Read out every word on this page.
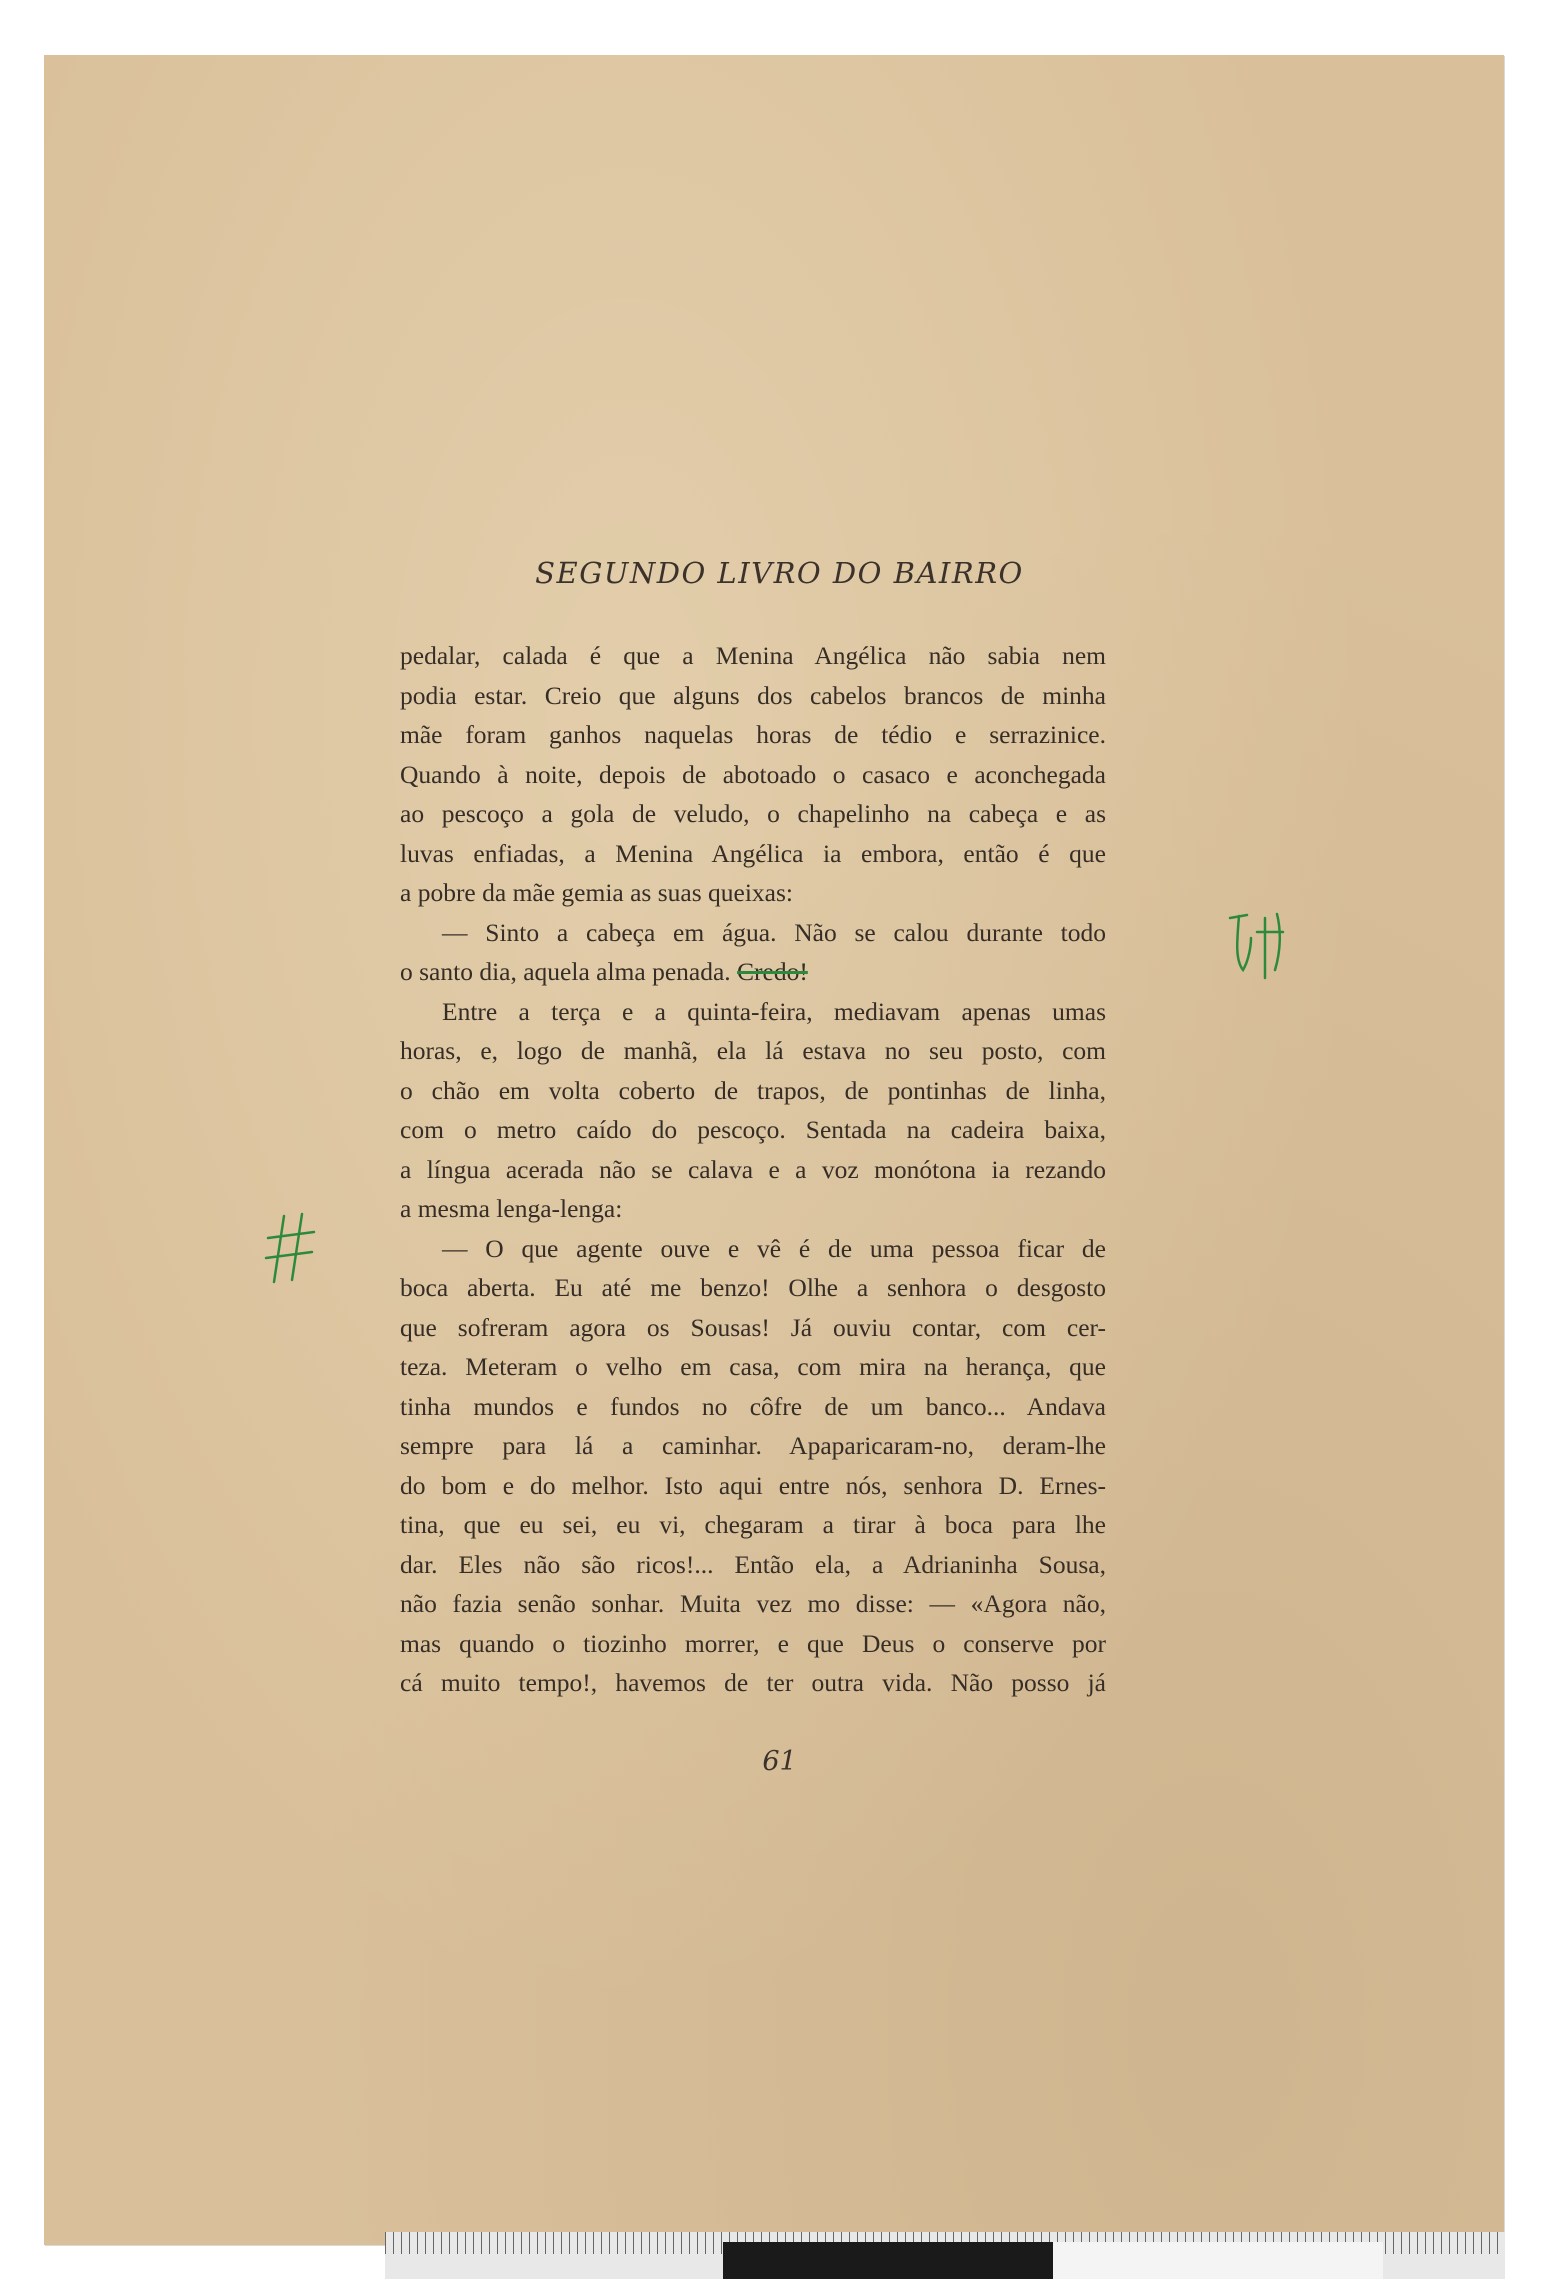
SEGUNDO LIVRO DO BAIRRO
pedalar, calada é que a Menina Angélica não sabia nem
podia estar. Creio que alguns dos cabelos brancos de minha
mãe foram ganhos naquelas horas de tédio e serrazinice.
Quando à noite, depois de abotoado o casaco e aconchegada
ao pescoço a gola de veludo, o chapelinho na cabeça e as
luvas enfiadas, a Menina Angélica ia embora, então é que
a pobre da mãe gemia as suas queixas:
— Sinto a cabeça em água. Não se calou durante todo
o santo dia, aquela alma penada. Credo!
Entre a terça e a quinta-feira, mediavam apenas umas
horas, e, logo de manhã, ela lá estava no seu posto, com
o chão em volta coberto de trapos, de pontinhas de linha,
com o metro caído do pescoço. Sentada na cadeira baixa,
a língua acerada não se calava e a voz monótona ia rezando
a mesma lenga-lenga:
— O que agente ouve e vê é de uma pessoa ficar de
boca aberta. Eu até me benzo! Olhe a senhora o desgosto
que sofreram agora os Sousas! Já ouviu contar, com cer-
teza. Meteram o velho em casa, com mira na herança, que
tinha mundos e fundos no côfre de um banco... Andava
sempre para lá a caminhar. Apaparicaram-no, deram-lhe
do bom e do melhor. Isto aqui entre nós, senhora D. Ernes-
tina, que eu sei, eu vi, chegaram a tirar à boca para lhe
dar. Eles não são ricos!... Então ela, a Adrianinha Sousa,
não fazia senão sonhar. Muita vez mo disse: — «Agora não,
mas quando o tiozinho morrer, e que Deus o conserve por
cá muito tempo!, havemos de ter outra vida. Não posso já
61
